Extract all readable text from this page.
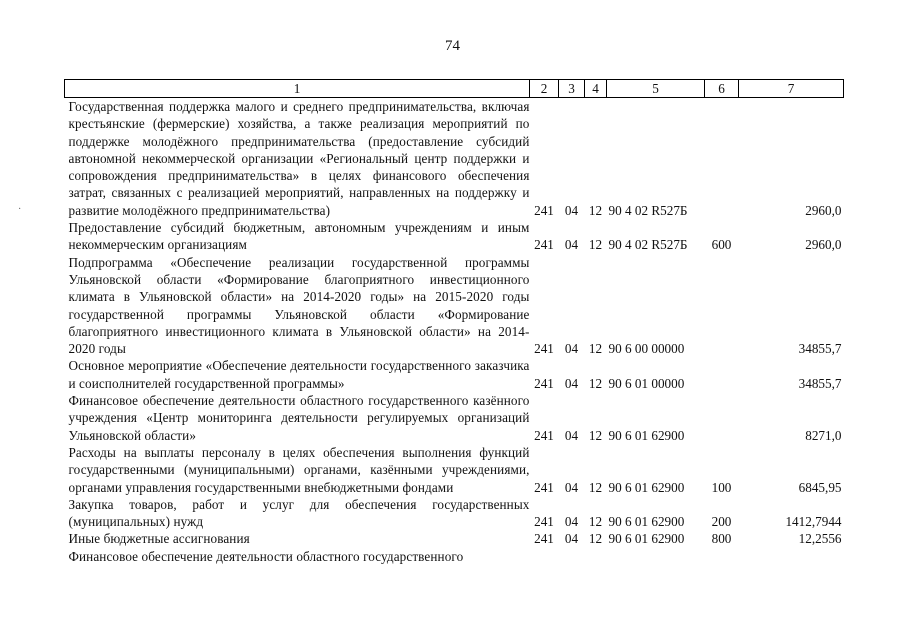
74
1	2	3	4	5	6	7
Государственная поддержка малого и среднего предпринимательства, включая крестьянские (фермерские) хозяйства, а также реализация мероприятий по поддержке молодёжного предпринимательства (предоставление субсидий автономной некоммерческой организации «Региональный центр поддержки и сопровождения предпринимательства» в целях финансового обеспечения затрат, связанных с реализацией мероприятий, направленных на поддержку и развитие молодёжного предпринимательства)	241	04	12	90 4 02 R527Б		2960,0
Предоставление субсидий бюджетным, автономным учреждениям и иным некоммерческим организациям	241	04	12	90 4 02 R527Б	600	2960,0
Подпрограмма «Обеспечение реализации государственной программы Ульяновской области «Формирование благоприятного инвестиционного климата в Ульяновской области» на 2014-2020 годы» на 2015-2020 годы государственной программы Ульяновской области «Формирование благоприятного инвестиционного климата в Ульяновской области» на 2014-2020 годы	241	04	12	90 6 00 00000		34855,7
Основное мероприятие «Обеспечение деятельности государственного заказчика и соисполнителей государственной программы»	241	04	12	90 6 01 00000		34855,7
Финансовое обеспечение деятельности областного государственного казённого учреждения «Центр мониторинга деятельности регулируемых организаций Ульяновской области»	241	04	12	90 6 01 62900		8271,0
Расходы на выплаты персоналу в целях обеспечения выполнения функций государственными (муниципальными) органами, казёнными учреждениями, органами управления государственными внебюджетными фондами	241	04	12	90 6 01 62900	100	6845,95
Закупка товаров, работ и услуг для обеспечения государственных (муниципальных) нужд	241	04	12	90 6 01 62900	200	1412,7944
Иные бюджетные ассигнования	241	04	12	90 6 01 62900	800	12,2556
Финансовое обеспечение деятельности областного государственного						
·
